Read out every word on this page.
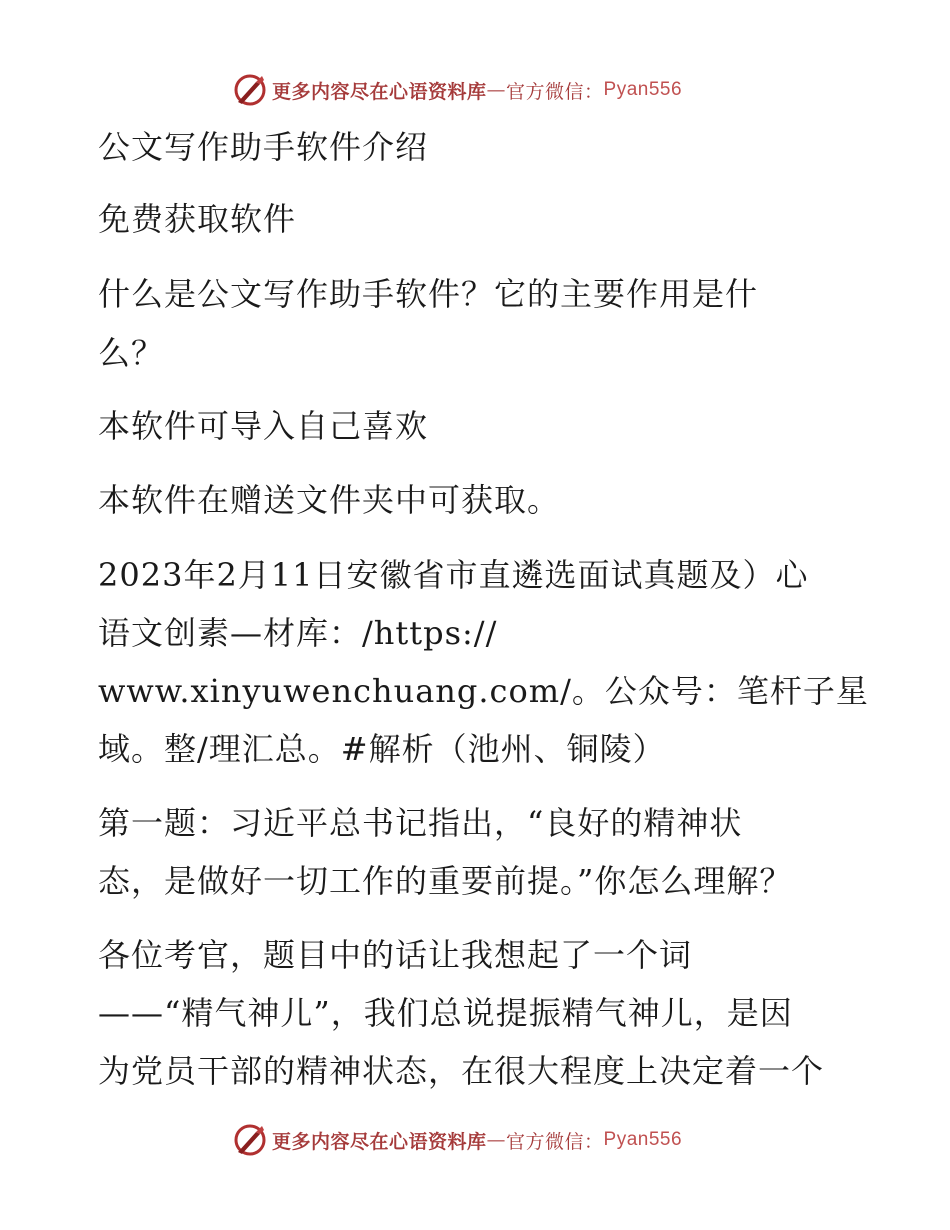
更多内容尽在心语资料库 — 官方微信： Pyan556
公文写作助手软件介绍
免费获取软件
什么是公文写作助手软件？它的主要作用是什
么？
本软件可导入自己喜欢
本软件在赠送文件夹中可获取。
2023年2月11日安徽省市直遴选面试真题及）心
语文创素—材库：/https://
www.xinyuwenchuang.com/。公众号：笔杆子星
域。整/理汇总。#解析（池州、铜陵）
第一题：习近平总书记指出，“良好的精神状
态，是做好一切工作的重要前提。”你怎么理解？
各位考官，题目中的话让我想起了一个词
——“精气神儿”，我们总说提振精气神儿，是因
为党员干部的精神状态，在很大程度上决定着一个
更多内容尽在心语资料库 — 官方微信： Pyan556
